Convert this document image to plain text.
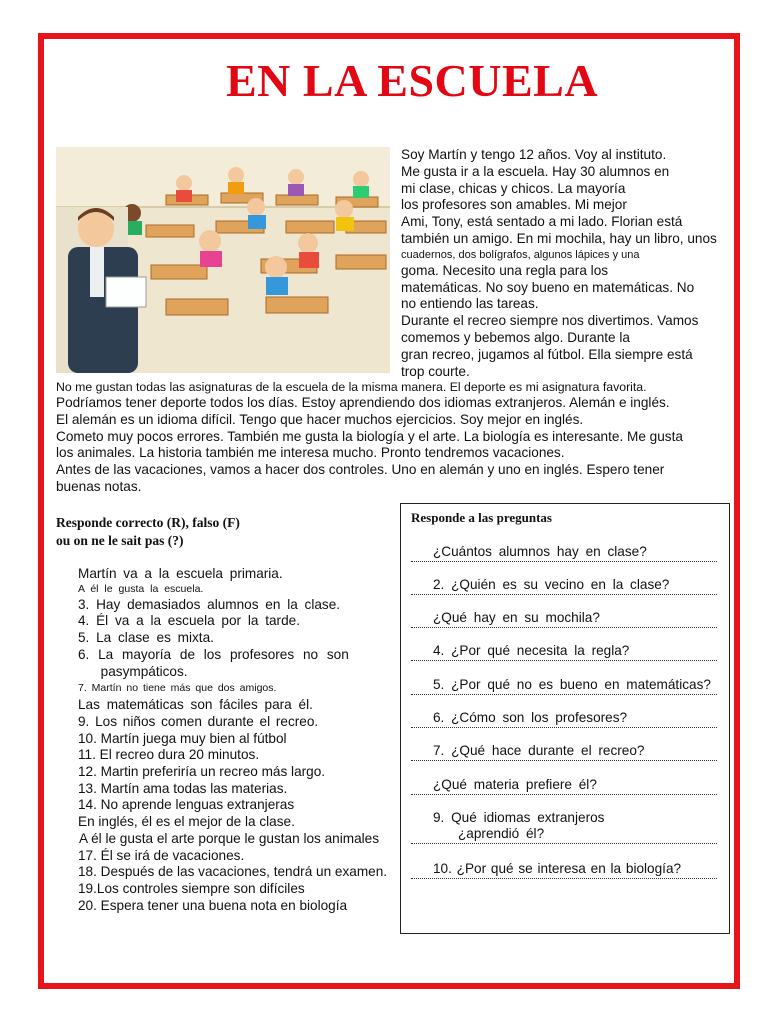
EN LA ESCUELA
Soy Martín y tengo 12 años. Voy al instituto.
Me gusta ir a la escuela. Hay 30 alumnos en
mi clase, chicas y chicos. La mayoría
los profesores son amables. Mi mejor
Ami, Tony, está sentado a mi lado. Florian está
también un amigo. En mi mochila, hay un libro, unos
cuadernos, dos bolígrafos, algunos lápices y una
goma. Necesito una regla para los
matemáticas. No soy bueno en matemáticas. No
no entiendo las tareas.
Durante el recreo siempre nos divertimos. Vamos
comemos y bebemos algo. Durante la
gran recreo, jugamos al fútbol. Ella siempre está
trop courte.
No me gustan todas las asignaturas de la escuela de la misma manera. El deporte es mi asignatura favorita.
Podríamos tener deporte todos los días. Estoy aprendiendo dos idiomas extranjeros. Alemán e inglés.
El alemán es un idioma difícil. Tengo que hacer muchos ejercicios. Soy mejor en inglés.
Cometo muy pocos errores. También me gusta la biología y el arte. La biología es interesante. Me gusta
los animales. La historia también me interesa mucho. Pronto tendremos vacaciones.
Antes de las vacaciones, vamos a hacer dos controles. Uno en alemán y uno en inglés. Espero tener
buenas notas.
Responde correcto (R), falso (F)
ou on ne le sait pas (?)
Martín va a la escuela primaria.
A él le gusta la escuela.
3. Hay demasiados alumnos en la clase.
4. Él va a la escuela por la tarde.
5. La clase es mixta.
6. La mayoría de los profesores no son
pasympáticos.
7. Martín no tiene más que dos amigos.
Las matemáticas son fáciles para él.
9. Los niños comen durante el recreo.
10. Martín juega muy bien al fútbol
11. El recreo dura 20 minutos.
12. Martin preferiría un recreo más largo.
13. Martín ama todas las materias.
14. No aprende lenguas extranjeras
En inglés, él es el mejor de la clase.
A él le gusta el arte porque le gustan los animales
17. Él se irá de vacaciones.
18. Después de las vacaciones, tendrá un examen.
19.Los controles siempre son difíciles
20. Espera tener una buena nota en biología
Responde a las preguntas
¿Cuántos alumnos hay en clase?
2. ¿Quién es su vecino en la clase?
¿Qué hay en su mochila?
4. ¿Por qué necesita la regla?
5. ¿Por qué no es bueno en matemáticas?
6. ¿Cómo son los profesores?
7. ¿Qué hace durante el recreo?
¿Qué materia prefiere él?
9. Qué idiomas extranjeros
¿aprendió él?
10. ¿Por qué se interesa en la biología?
